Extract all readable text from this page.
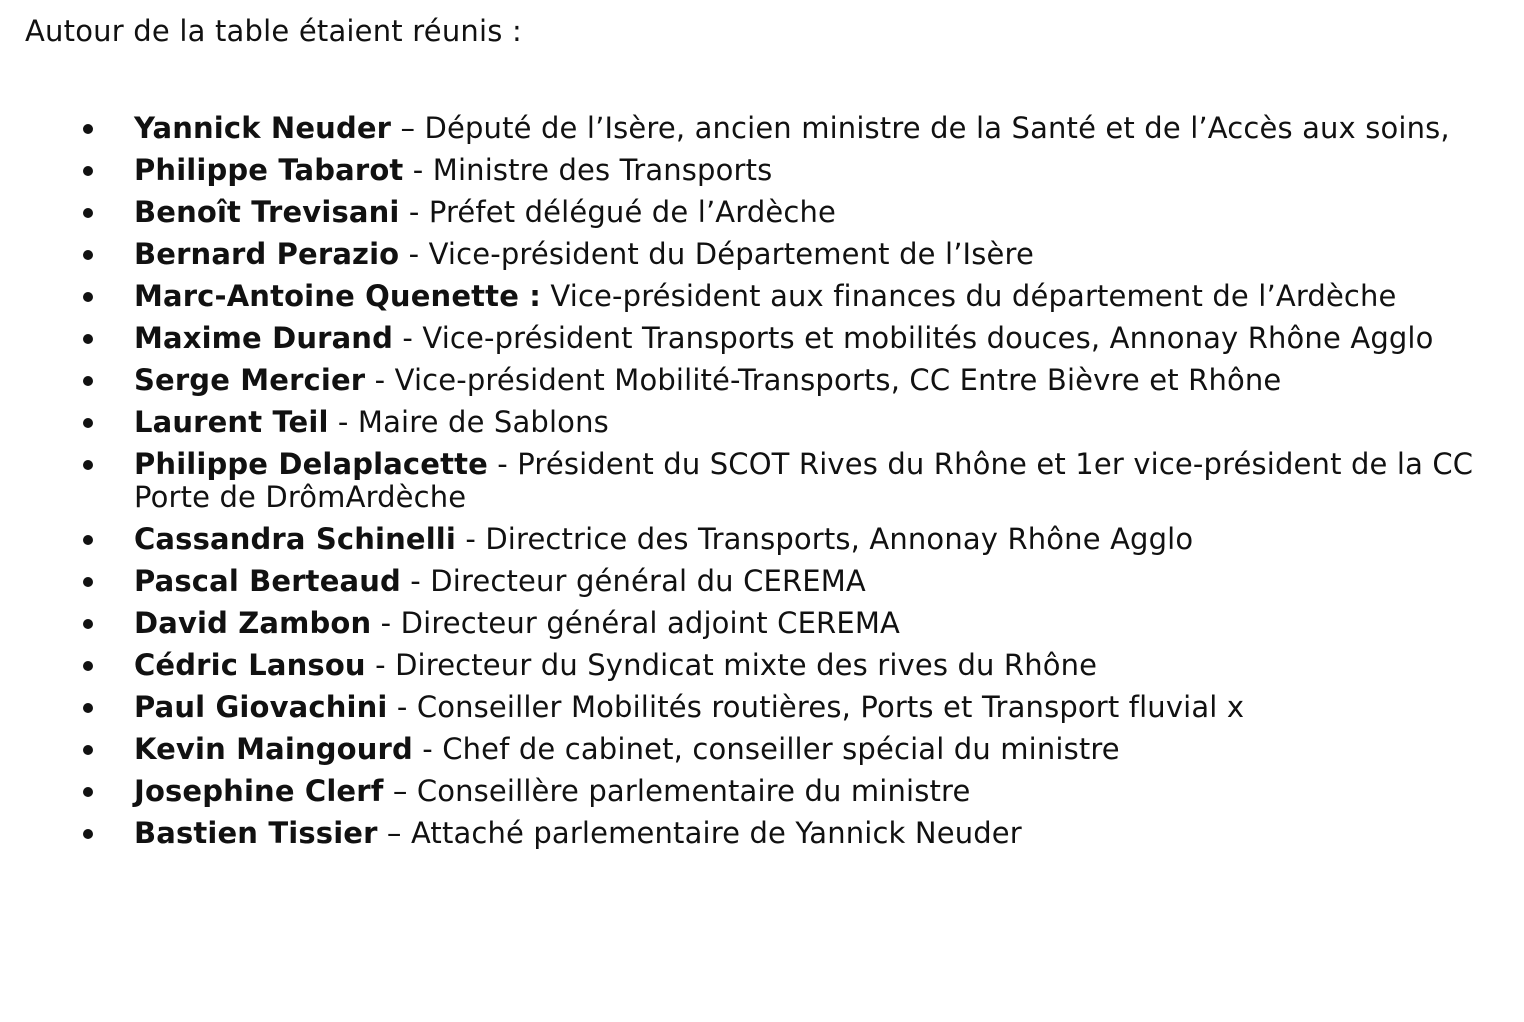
Autour de la table étaient réunis :

Yannick Neuder – Député de l’Isère, ancien ministre de la Santé et de l’Accès aux soins,
Philippe Tabarot - Ministre des Transports
Benoît Trevisani - Préfet délégué de l’Ardèche
Bernard Perazio - Vice-président du Département de l’Isère
Marc-Antoine Quenette : Vice-président aux finances du département de l’Ardèche
Maxime Durand - Vice-président Transports et mobilités douces, Annonay Rhône Agglo
Serge Mercier - Vice-président Mobilité-Transports, CC Entre Bièvre et Rhône
Laurent Teil - Maire de Sablons
Philippe Delaplacette - Président du SCOT Rives du Rhône et 1er vice-président de la CC Porte de DrômArdèche
Cassandra Schinelli - Directrice des Transports, Annonay Rhône Agglo
Pascal Berteaud - Directeur général du CEREMA
David Zambon - Directeur général adjoint CEREMA
Cédric Lansou - Directeur du Syndicat mixte des rives du Rhône
Paul Giovachini - Conseiller Mobilités routières, Ports et Transport fluvial x
Kevin Maingourd - Chef de cabinet, conseiller spécial du ministre
Josephine Clerf – Conseillère parlementaire du ministre
Bastien Tissier – Attaché parlementaire de Yannick Neuder
